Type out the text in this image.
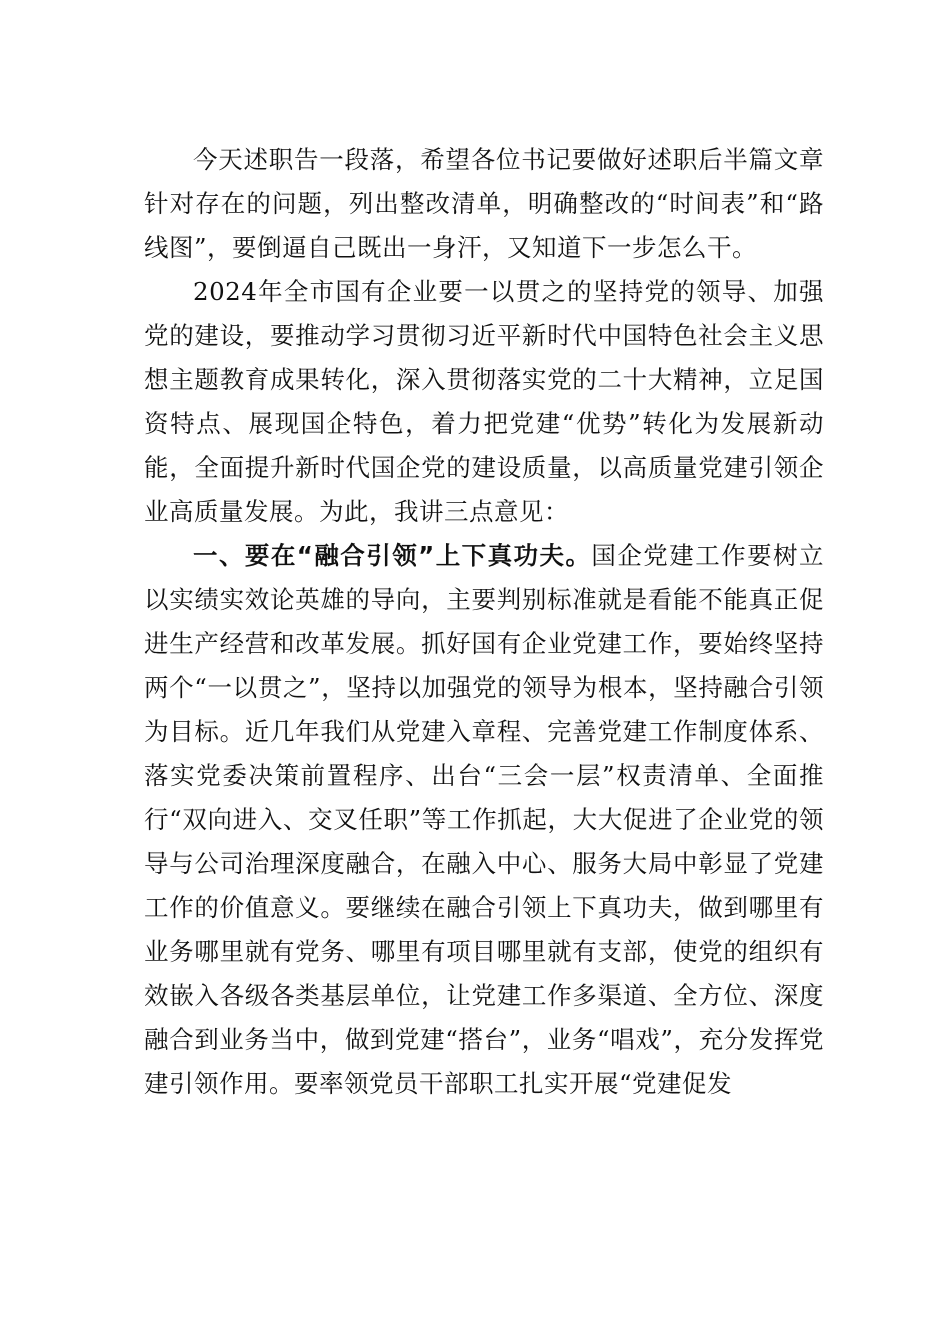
今天述职告一段落，希望各位书记要做好述职后半篇文章针对存在的问题，列出整改清单，明确整改的“时间表”和“路线图”，要倒逼自己既出一身汗，又知道下一步怎么干。

2024年全市国有企业要一以贯之的坚持党的领导、加强党的建设，要推动学习贯彻习近平新时代中国特色社会主义思想主题教育成果转化，深入贯彻落实党的二十大精神，立足国资特点、展现国企特色，着力把党建“优势”转化为发展新动能，全面提升新时代国企党的建设质量，以高质量党建引领企业高质量发展。为此，我讲三点意见：

一、要在“融合引领”上下真功夫。国企党建工作要树立以实绩实效论英雄的导向，主要判别标准就是看能不能真正促进生产经营和改革发展。抓好国有企业党建工作，要始终坚持两个“一以贯之”，坚持以加强党的领导为根本，坚持融合引领为目标。近几年我们从党建入章程、完善党建工作制度体系、落实党委决策前置程序、出台“三会一层”权责清单、全面推行“双向进入、交叉任职”等工作抓起，大大促进了企业党的领导与公司治理深度融合，在融入中心、服务大局中彰显了党建工作的价值意义。要继续在融合引领上下真功夫，做到哪里有业务哪里就有党务、哪里有项目哪里就有支部，使党的组织有效嵌入各级各类基层单位，让党建工作多渠道、全方位、深度融合到业务当中，做到党建“搭台”，业务“唱戏”，充分发挥党建引领作用。要率领党员干部职工扎实开展“党建促发
